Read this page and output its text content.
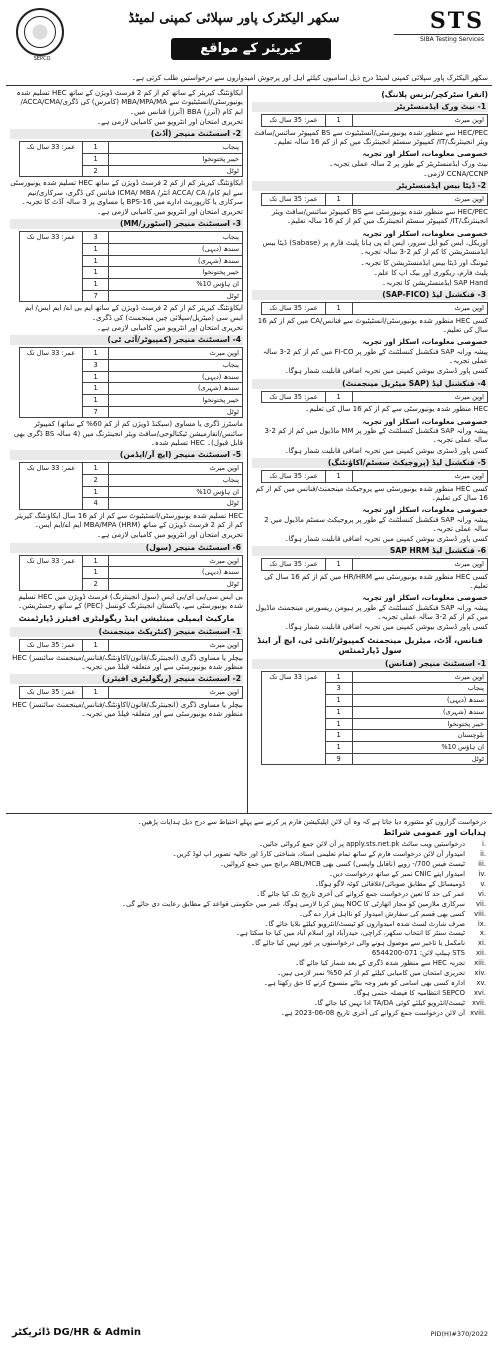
SEPCO
سکھر الیکٹرک پاور سپلائی کمپنی لمیٹڈ
کیریئر کے مواقع
STS
SIBA Testing Services
سکھر الیکٹرک پاور سپلائی کمپنی لمیٹڈ درج ذیل اسامیوں کیلئے اہل اور پرجوش امیدواروں سے درخواستیں طلب کرتی ہے۔
(انفرا سٹرکچر/بزنس پلاننگ)
1- نیٹ ورک ایڈمنسٹریٹر
اوپن میرٹ	1	عمر: 35 سال تک
HEC/PEC سے منظور شدہ یونیورسٹی/انسٹیٹیوٹ سے BS کمپیوٹر سائنس/سافٹ ویئر انجینئرنگ/IT/ کمپیوٹر سسٹم انجینئرنگ میں کم از کم 16 سالہ تعلیم۔
خصوصی معلومات، اسکلز اور تجربہ
نیٹ ورک ایڈمنسٹریٹر کے طور پر 2 سالہ عملی تجربہ۔
CCNA/CCNP لازمی۔
2- ڈیٹا بیس ایڈمنسٹریٹر
اوپن میرٹ	1	عمر: 35 سال تک
HEC/PEC سے منظور شدہ یونیورسٹی سے BS کمپیوٹر سائنس/سافٹ ویئر انجینئرنگ/IT/ کمپیوٹر سسٹم انجینئرنگ میں کم از کم 16 سالہ تعلیم۔
خصوصی معلومات، اسکلز اور تجربہ
اوریکل، ایس کیو ایل سرور، ایس اے پی ہانا پلیٹ فارم پر (Sabase) ڈیٹا بیس ایڈمنسٹریشن کا کم از کم 2-3 سالہ تجربہ۔
ٹیوننگ اور ڈیٹا بیس ایڈمنسٹریشن کا تجربہ۔
پلیٹ فارم، ریکوری اور بیک اپ کا علم۔
SAP Hand ایڈمنسٹریشن کا تجربہ۔
3- فنکشنل لیڈ (SAP-FICO)
اوپن میرٹ	1	عمر: 35 سال تک
کسی HEC منظور شدہ یونیورسٹی/انسٹیٹیوٹ سے فنانس/CA میں کم از کم 16 سال کی تعلیم۔
خصوصی معلومات، اسکلز اور تجربہ
پیشہ ورانہ SAP فنکشنل کنسلٹنٹ کے طور پر FI-CO میں کم از کم 2-3 سالہ عملی تجربہ۔
کسی پاور ڈسٹری بیوشن کمپنی میں تجربہ اضافی قابلیت شمار ہوگا۔
4- فنکشنل لیڈ (SAP میٹریل مینجمنٹ)
اوپن میرٹ	1	عمر: 35 سال تک
HEC منظور شدہ یونیورسٹی سے کم از کم 16 سال کی تعلیم۔
خصوصی معلومات، اسکلز اور تجربہ
پیشہ ورانہ SAP فنکشنل کنسلٹنٹ کے طور پر MM ماڈیول میں کم از کم 2-3 سالہ عملی تجربہ۔
کسی پاور ڈسٹری بیوشن کمپنی میں تجربہ اضافی قابلیت شمار ہوگا۔
5- فنکشنل لیڈ (پروجیکٹ سسٹم/اکاؤنٹنگ)
اوپن میرٹ	1	عمر: 35 سال تک
کسی HEC منظور شدہ یونیورسٹی سے پروجیکٹ مینجمنٹ/فنانس میں کم از کم 16 سال کی تعلیم۔
خصوصی معلومات، اسکلز اور تجربہ
پیشہ ورانہ SAP فنکشنل کنسلٹنٹ کے طور پر پروجیکٹ سسٹم ماڈیول میں 2 سالہ عملی تجربہ۔
کسی پاور ڈسٹری بیوشن کمپنی میں تجربہ اضافی قابلیت شمار ہوگا۔
6- فنکشنل لیڈ SAP HRM
اوپن میرٹ	1	عمر: 35 سال تک
کسی HEC منظور شدہ یونیورسٹی سے HR/HRM میں کم از کم 16 سال کی تعلیم۔
خصوصی معلومات، اسکلز اور تجربہ
پیشہ ورانہ SAP فنکشنل کنسلٹنٹ کے طور پر ہیومن ریسورس مینجمنٹ ماڈیول میں کم از کم 2-3 سالہ عملی تجربہ۔
کسی پاور ڈسٹری بیوشن کمپنی میں تجربہ اضافی قابلیت شمار ہوگا۔
فنانس، آڈٹ، میٹریل مینجمنٹ کمپیوٹر/انٹی ٹی، ایچ آر اینڈ سول ڈپارٹمنٹس
1- اسسٹنٹ منیجر (فنانس)
اوپن میرٹ	1	عمر: 33 سال تک
پنجاب	3	
سندھ (دیہی)	1	
سندھ (شہری)	1	
خیبر پختونخوا	1	
بلوچستان	1	
ان ہاؤس 10%	1	
ٹوٹل	9	
ایکاؤنٹنگ کیریئر کے ساتھ کم از کم 2 فرسٹ ڈویژن کے ساتھ HEC تسلیم شدہ یونیورسٹی/انسٹیٹیوٹ سے MBA/MPA/MA (کامرس) کی ڈگری/ACCA/CMA/ ایم کام (آنرز) BBA (آنرز) فنانس میں۔
تحریری امتحان اور انٹرویو میں کامیابی لازمی ہے۔
2- اسسٹنٹ منیجر (آڈٹ)
پنجاب	1	عمر: 33 سال تک
خیبر پختونخوا	1	
ٹوٹل	2	
ایکاؤنٹنگ کیریئر کم از کم 2 فرسٹ ڈویژن کے ساتھ HEC تسلیم شدہ یونیورسٹی سے ایم کام/ ACCA/ CA انٹر/ ICMA/ MBA فنانس کی ڈگری، سرکاری/نیم سرکاری یا کارپوریٹ ادارے میں BPS-16 یا مساوی پر 3 سالہ آڈٹ کا تجربہ۔
تحریری امتحان اور انٹرویو میں کامیابی لازمی ہے۔
3- اسسٹنٹ منیجر (اسٹورز/MM)
پنجاب	3	عمر: 33 سال تک
سندھ (دیہی)	1	
سندھ (شہری)	1	
خیبر پختونخوا	1	
ان ہاؤس 10%	1	
ٹوٹل	7	
ایکاؤنٹنگ کیریئر کم از کم 2 فرسٹ ڈویژن کے ساتھ ایم بی اے/ ایم ایس/ ایم ایس سی (میٹریل/سپلائی چین مینجمنٹ) کی ڈگری۔
تحریری امتحان اور انٹرویو میں کامیابی لازمی ہے۔
4- اسسٹنٹ منیجر (کمپیوٹر/آئی ٹی)
اوپن میرٹ	1	عمر: 33 سال تک
پنجاب	3	
سندھ (دیہی)	1	
سندھ (شہری)	1	
خیبر پختونخوا	1	
ٹوٹل	7	
ماسٹرز ڈگری یا مساوی (سیکنڈ ڈویژن کم از کم 60% کے ساتھ) کمپیوٹر سائنس/انفارمیشن ٹیکنالوجی/سافٹ ویئر انجینئرنگ میں (4 سالہ BS ڈگری بھی قابل قبول)۔ HEC تسلیم شدہ۔
5- اسسٹنٹ منیجر (ایچ آر/ایڈمن)
اوپن میرٹ	1	عمر: 33 سال تک
پنجاب	2	
ان ہاؤس 10%	1	
ٹوٹل	4	
HEC تسلیم شدہ یونیورسٹی/انسٹیٹیوٹ سے کم از کم 16 سال ایکاؤنٹنگ کیریئر کم از کم 2 فرسٹ ڈویژن کے ساتھ MBA/MPA (HRM) ایم اے/ایم ایس۔
تحریری امتحان اور انٹرویو میں کامیابی لازمی ہے۔
6- اسسٹنٹ منیجر (سول)
اوپن میرٹ	1	عمر: 33 سال تک
سندھ (دیہی)	1	
ٹوٹل	2	
بی ایس سی/بی ای/بی ایس (سول انجینئرنگ) فرسٹ ڈویژن میں HEC تسلیم شدہ یونیورسٹی سے، پاکستان انجینئرنگ کونسل (PEC) کے ساتھ رجسٹریشن۔
مارکیٹ ایمپلی مینٹیشن اینڈ ریگولیٹری افیئرز ڈپارٹمنٹ
1- اسسٹنٹ منیجر (کنٹریکٹ مینجمنٹ)
اوپن میرٹ	1	عمر: 35 سال تک
بیچلر یا مساوی ڈگری (انجینئرنگ/قانون/اکاؤنٹنگ/فنانس/مینجمنٹ سائنسز) HEC منظور شدہ یونیورسٹی سے اور متعلقہ فیلڈ میں تجربہ۔
2- اسسٹنٹ منیجر (ریگولیٹری افیئرز)
اوپن میرٹ	1	عمر: 35 سال تک
بیچلر یا مساوی ڈگری (انجینئرنگ/قانون/اکاؤنٹنگ/فنانس/مینجمنٹ سائنسز) HEC منظور شدہ یونیورسٹی سے اور متعلقہ فیلڈ میں تجربہ۔
درخواست گزاروں کو مشورہ دیا جاتا ہے کہ وہ آن لائن اپلیکیشن فارم پر کرنے سے پہلے احتیاط سے درج ذیل ہدایات پڑھیں۔
ہدایات اور عمومی شرائط
i.درخواستیں ویب سائٹ apply.sts.net.pk پر آن لائن جمع کروائی جائیں۔
ii.امیدوار آن لائن درخواست فارم کے ساتھ تمام تعلیمی اسناد، شناختی کارڈ اور حالیہ تصویر اپ لوڈ کریں۔
iii.ٹیسٹ فیس 700/- روپے (ناقابل واپسی) کسی بھی ABL/MCB برانچ میں جمع کروائیں۔
iv.امیدوار اپنے CNIC نمبر کے ساتھ درخواست دیں۔
v.ڈومیسائل کے مطابق صوبائی/علاقائی کوٹہ لاگو ہوگا۔
vi.عمر کی حد کا تعین درخواست جمع کروانے کی آخری تاریخ تک کیا جائے گا۔
vii.سرکاری ملازمین کو مجاز اتھارٹی کا NOC پیش کرنا لازمی ہوگا، عمر میں حکومتی قواعد کے مطابق رعایت دی جائے گی۔
viii.کسی بھی قسم کی سفارش امیدوار کو نااہل قرار دے گی۔
ix.صرف شارٹ لسٹ شدہ امیدواروں کو ٹیسٹ/انٹرویو کیلئے بلایا جائے گا۔
x.ٹیسٹ سنٹر کا انتخاب سکھر، کراچی، حیدرآباد اور اسلام آباد میں کیا جا سکتا ہے۔
xi.نامکمل یا تاخیر سے موصول ہونے والی درخواستوں پر غور نہیں کیا جائے گا۔
xii.STS ہیلپ لائن: 071-6544200
xiii.تجربہ HEC سے منظور شدہ ڈگری کے بعد شمار کیا جائے گا۔
xiv.تحریری امتحان میں کامیابی کیلئے کم از کم 50% نمبر لازمی ہیں۔
xv.ادارہ کسی بھی اسامی کو بغیر وجہ بتائے منسوخ کرنے کا حق رکھتا ہے۔
xvi.SEPCO انتظامیہ کا فیصلہ حتمی ہوگا۔
xvii.ٹیسٹ/انٹرویو کیلئے کوئی TA/DA ادا نہیں کیا جائے گا۔
xviii.آن لائن درخواست جمع کروانے کی آخری تاریخ 08-06-2023 ہے۔
ڈائریکٹر DG/HR & Admin	PID(H)#370/2022
